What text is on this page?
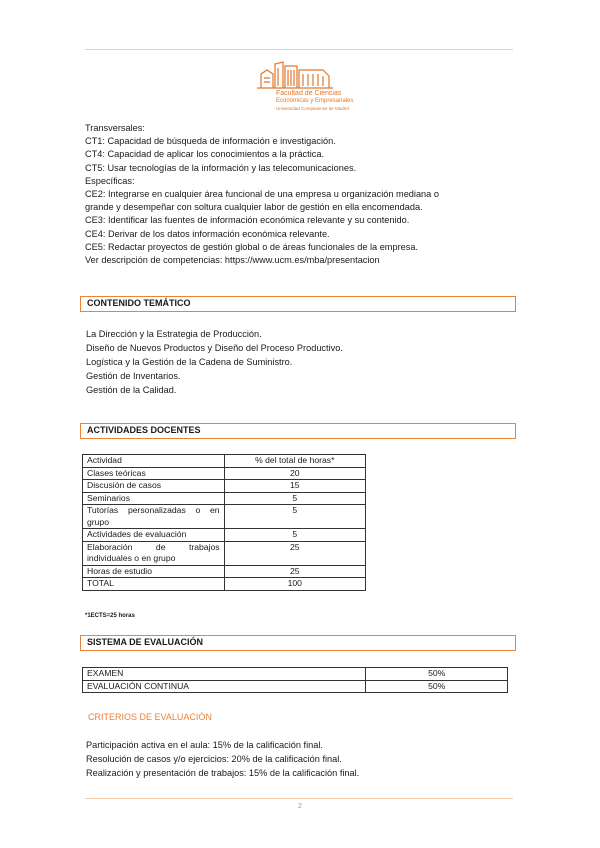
Facultad de Ciencias
Económicas y Empresariales
Universidad Complutense de Madrid
Transversales:
CT1: Capacidad de búsqueda de información e investigación.
CT4: Capacidad de aplicar los conocimientos a la práctica.
CT5: Usar tecnologías de la información y las telecomunicaciones.
Específicas:
CE2: Integrarse en cualquier área funcional de una empresa u organización mediana o
grande y desempeñar con soltura cualquier labor de gestión en ella encomendada.
CE3: Identificar las fuentes de información económica relevante y su contenido.
CE4: Derivar de los datos información económica relevante.
CE5: Redactar proyectos de gestión global o de áreas funcionales de la empresa.
Ver descripción de competencias: https://www.ucm.es/mba/presentacion
CONTENIDO TEMÁTICO
La Dirección y la Estrategia de Producción.
Diseño de Nuevos Productos y Diseño del Proceso Productivo.
Logística y la Gestión de la Cadena de Suministro.
Gestión de Inventarios.
Gestión de la Calidad.
ACTIVIDADES DOCENTES
Actividad	% del total de horas*
Clases teóricas	20
Discusión de casos	15
Seminarios	5
Tutorías personalizadas o en grupo	5
Actividades de evaluación	5
Elaboración de trabajos individuales o en grupo	25
Horas de estudio	25
TOTAL	100
*1ECTS=25 horas
SISTEMA DE EVALUACIÓN
EXAMEN	50%
EVALUACIÓN CONTINUA	50%
CRITERIOS DE EVALUACIÓN
Participación activa en el aula: 15% de la calificación final.
Resolución de casos y/o ejercicios: 20% de la calificación final.
Realización y presentación de trabajos: 15% de la calificación final.
2
